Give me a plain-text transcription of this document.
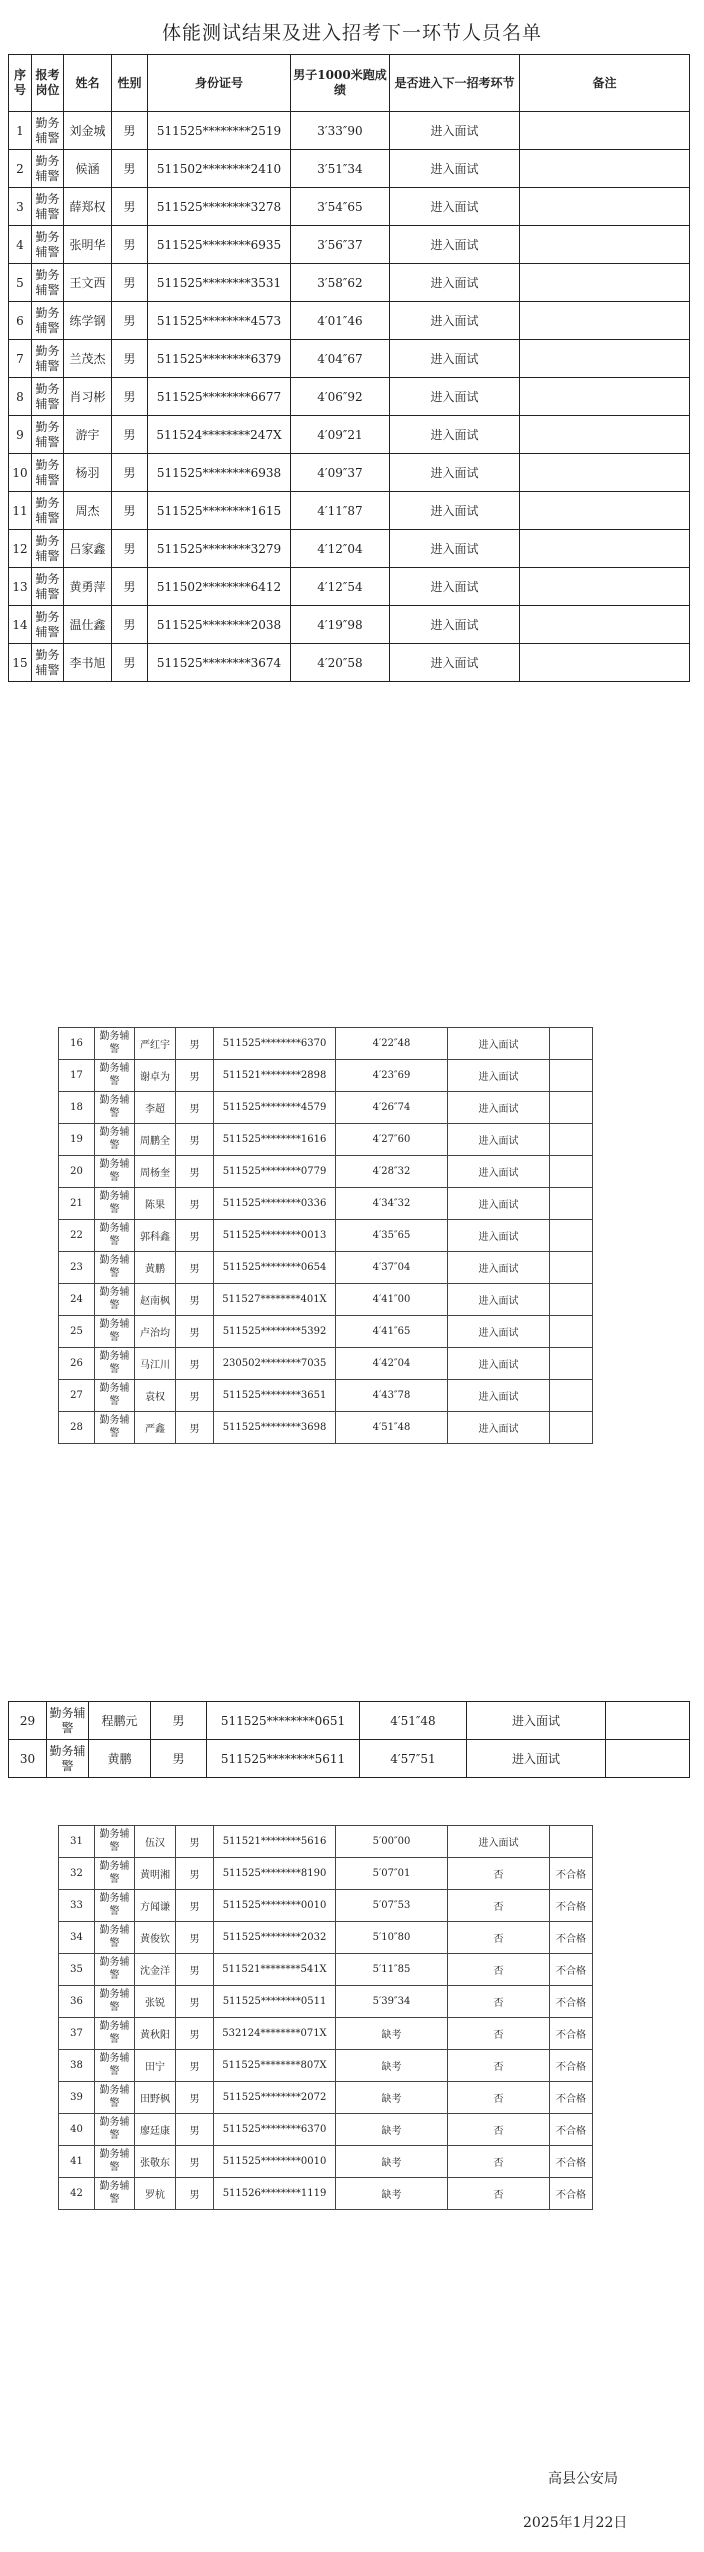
体能测试结果及进入招考下一环节人员名单
序号	报考岗位	姓名	性别	身份证号	男子1000米跑成绩	是否进入下一招考环节	备注
1	勤务辅警	刘金城	男	511525********2519	3′33″90	进入面试	
2	勤务辅警	候涵	男	511502********2410	3′51″34	进入面试	
3	勤务辅警	薛郑权	男	511525********3278	3′54″65	进入面试	
4	勤务辅警	张明华	男	511525********6935	3′56″37	进入面试	
5	勤务辅警	王文西	男	511525********3531	3′58″62	进入面试	
6	勤务辅警	练学钢	男	511525********4573	4′01″46	进入面试	
7	勤务辅警	兰茂杰	男	511525********6379	4′04″67	进入面试	
8	勤务辅警	肖习彬	男	511525********6677	4′06″92	进入面试	
9	勤务辅警	游宇	男	511524********247X	4′09″21	进入面试	
10	勤务辅警	杨羽	男	511525********6938	4′09″37	进入面试	
11	勤务辅警	周杰	男	511525********1615	4′11″87	进入面试	
12	勤务辅警	吕家鑫	男	511525********3279	4′12″04	进入面试	
13	勤务辅警	黄勇萍	男	511502********6412	4′12″54	进入面试	
14	勤务辅警	温仕鑫	男	511525********2038	4′19″98	进入面试	
15	勤务辅警	李书旭	男	511525********3674	4′20″58	进入面试	
16	勤务辅警	严红宇	男	511525********6370	4′22″48	进入面试	
17	勤务辅警	谢卓为	男	511521********2898	4′23″69	进入面试	
18	勤务辅警	李超	男	511525********4579	4′26″74	进入面试	
19	勤务辅警	周鹏全	男	511525********1616	4′27″60	进入面试	
20	勤务辅警	周杨奎	男	511525********0779	4′28″32	进入面试	
21	勤务辅警	陈果	男	511525********0336	4′34″32	进入面试	
22	勤务辅警	郭科鑫	男	511525********0013	4′35″65	进入面试	
23	勤务辅警	黄鹏	男	511525********0654	4′37″04	进入面试	
24	勤务辅警	赵南枫	男	511527********401X	4′41″00	进入面试	
25	勤务辅警	卢治均	男	511525********5392	4′41″65	进入面试	
26	勤务辅警	马江川	男	230502********7035	4′42″04	进入面试	
27	勤务辅警	袁权	男	511525********3651	4′43″78	进入面试	
28	勤务辅警	严鑫	男	511525********3698	4′51″48	进入面试	
29	勤务辅警	程鹏元	男	511525********0651	4′51″48	进入面试	
30	勤务辅警	黄鹏	男	511525********5611	4′57″51	进入面试	
31	勤务辅警	伍汉	男	511521********5616	5′00″00	进入面试	
32	勤务辅警	黄明湘	男	511525********8190	5′07″01	否	不合格
33	勤务辅警	方闻谦	男	511525********0010	5′07″53	否	不合格
34	勤务辅警	黄俊钦	男	511525********2032	5′10″80	否	不合格
35	勤务辅警	沈金洋	男	511521********541X	5′11″85	否	不合格
36	勤务辅警	张锐	男	511525********0511	5′39″34	否	不合格
37	勤务辅警	黄秋阳	男	532124********071X	缺考	否	不合格
38	勤务辅警	田宁	男	511525********807X	缺考	否	不合格
39	勤务辅警	田野枫	男	511525********2072	缺考	否	不合格
40	勤务辅警	廖廷康	男	511525********6370	缺考	否	不合格
41	勤务辅警	张敬东	男	511525********0010	缺考	否	不合格
42	勤务辅警	罗杭	男	511526********1119	缺考	否	不合格
高县公安局
2025年1月22日
